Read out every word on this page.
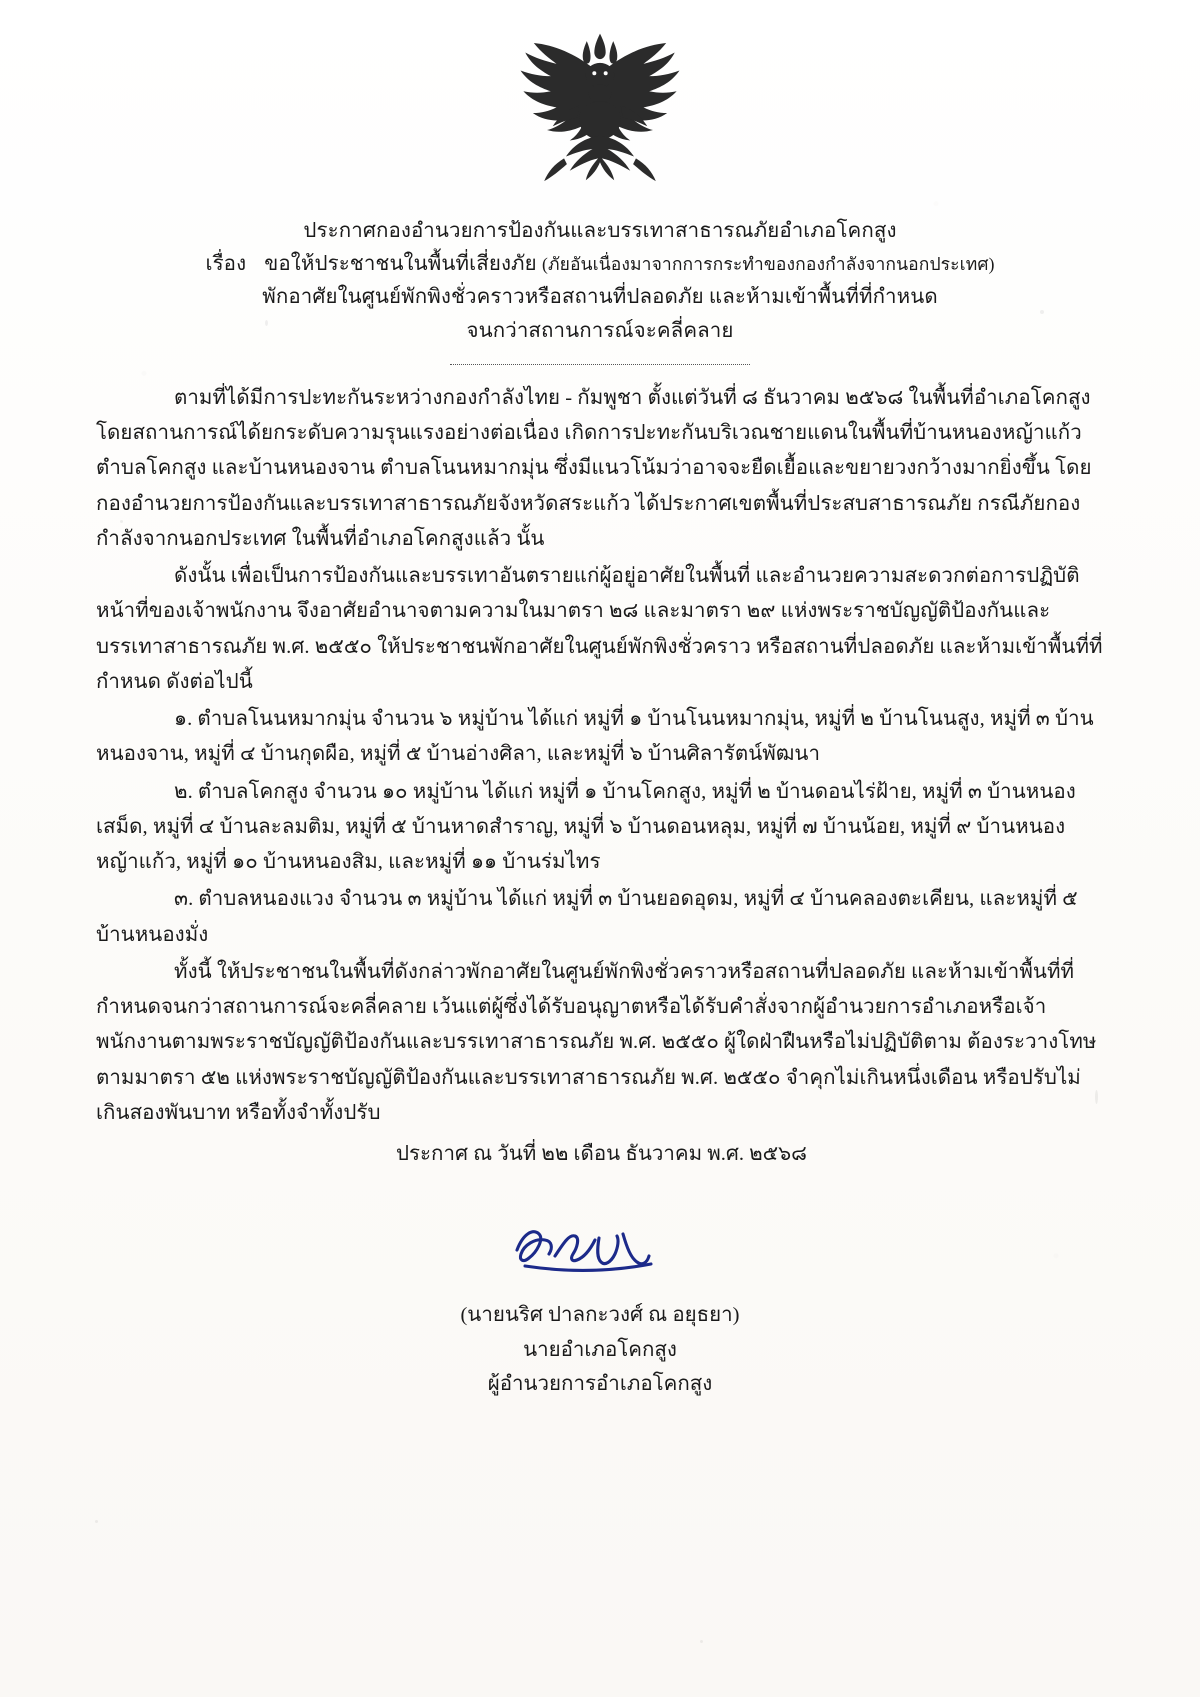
ประกาศกองอำนวยการป้องกันและบรรเทาสาธารณภัยอำเภอโคกสูง
เรื่อง ขอให้ประชาชนในพื้นที่เสี่ยงภัย (ภัยอันเนื่องมาจากการกระทำของกองกำลังจากนอกประเทศ)
พักอาศัยในศูนย์พักพิงชั่วคราวหรือสถานที่ปลอดภัย และห้ามเข้าพื้นที่ที่กำหนด
จนกว่าสถานการณ์จะคลี่คลาย

ตามที่ได้มีการปะทะกันระหว่างกองกำลังไทย - กัมพูชา ตั้งแต่วันที่ ๘ ธันวาคม ๒๕๖๘ ในพื้นที่อำเภอโคกสูง โดยสถานการณ์ได้ยกระดับความรุนแรงอย่างต่อเนื่อง เกิดการปะทะกันบริเวณชายแดนในพื้นที่บ้านหนองหญ้าแก้ว ตำบลโคกสูง และบ้านหนองจาน ตำบลโนนหมากมุ่น ซึ่งมีแนวโน้มว่าอาจจะยืดเยื้อและขยายวงกว้างมากยิ่งขึ้น โดยกองอำนวยการป้องกันและบรรเทาสาธารณภัยจังหวัดสระแก้ว ได้ประกาศเขตพื้นที่ประสบสาธารณภัย กรณีภัยกองกำลังจากนอกประเทศ ในพื้นที่อำเภอโคกสูงแล้ว นั้น

ดังนั้น เพื่อเป็นการป้องกันและบรรเทาอันตรายแก่ผู้อยู่อาศัยในพื้นที่ และอำนวยความสะดวกต่อการปฏิบัติหน้าที่ของเจ้าพนักงาน จึงอาศัยอำนาจตามความในมาตรา ๒๘ และมาตรา ๒๙ แห่งพระราชบัญญัติป้องกันและบรรเทาสาธารณภัย พ.ศ. ๒๕๕๐ ให้ประชาชนพักอาศัยในศูนย์พักพิงชั่วคราว หรือสถานที่ปลอดภัย และห้ามเข้าพื้นที่ที่กำหนด ดังต่อไปนี้

๑. ตำบลโนนหมากมุ่น จำนวน ๖ หมู่บ้าน ได้แก่ หมู่ที่ ๑ บ้านโนนหมากมุ่น, หมู่ที่ ๒ บ้านโนนสูง, หมู่ที่ ๓ บ้านหนองจาน, หมู่ที่ ๔ บ้านกุดผือ, หมู่ที่ ๕ บ้านอ่างศิลา, และหมู่ที่ ๖ บ้านศิลารัตน์พัฒนา

๒. ตำบลโคกสูง จำนวน ๑๐ หมู่บ้าน ได้แก่ หมู่ที่ ๑ บ้านโคกสูง, หมู่ที่ ๒ บ้านดอนไร่ฝ้าย, หมู่ที่ ๓ บ้านหนองเสม็ด, หมู่ที่ ๔ บ้านละลมติม, หมู่ที่ ๕ บ้านหาดสำราญ, หมู่ที่ ๖ บ้านดอนหลุม, หมู่ที่ ๗ บ้านน้อย, หมู่ที่ ๙ บ้านหนองหญ้าแก้ว, หมู่ที่ ๑๐ บ้านหนองสิม, และหมู่ที่ ๑๑ บ้านร่มไทร

๓. ตำบลหนองแวง จำนวน ๓ หมู่บ้าน ได้แก่ หมู่ที่ ๓ บ้านยอดอุดม, หมู่ที่ ๔ บ้านคลองตะเคียน, และหมู่ที่ ๕ บ้านหนองมั่ง

ทั้งนี้ ให้ประชาชนในพื้นที่ดังกล่าวพักอาศัยในศูนย์พักพิงชั่วคราวหรือสถานที่ปลอดภัย และห้ามเข้าพื้นที่ที่กำหนดจนกว่าสถานการณ์จะคลี่คลาย เว้นแต่ผู้ซึ่งได้รับอนุญาตหรือได้รับคำสั่งจากผู้อำนวยการอำเภอหรือเจ้าพนักงานตามพระราชบัญญัติป้องกันและบรรเทาสาธารณภัย พ.ศ. ๒๕๕๐ ผู้ใดฝ่าฝืนหรือไม่ปฏิบัติตาม ต้องระวางโทษตามมาตรา ๕๒ แห่งพระราชบัญญัติป้องกันและบรรเทาสาธารณภัย พ.ศ. ๒๕๕๐ จำคุกไม่เกินหนึ่งเดือน หรือปรับไม่เกินสองพันบาท หรือทั้งจำทั้งปรับ

ประกาศ ณ วันที่ ๒๒ เดือน ธันวาคม พ.ศ. ๒๕๖๘
(นายนริศ ปาลกะวงศ์ ณ อยุธยา)
นายอำเภอโคกสูง
ผู้อำนวยการอำเภอโคกสูง
